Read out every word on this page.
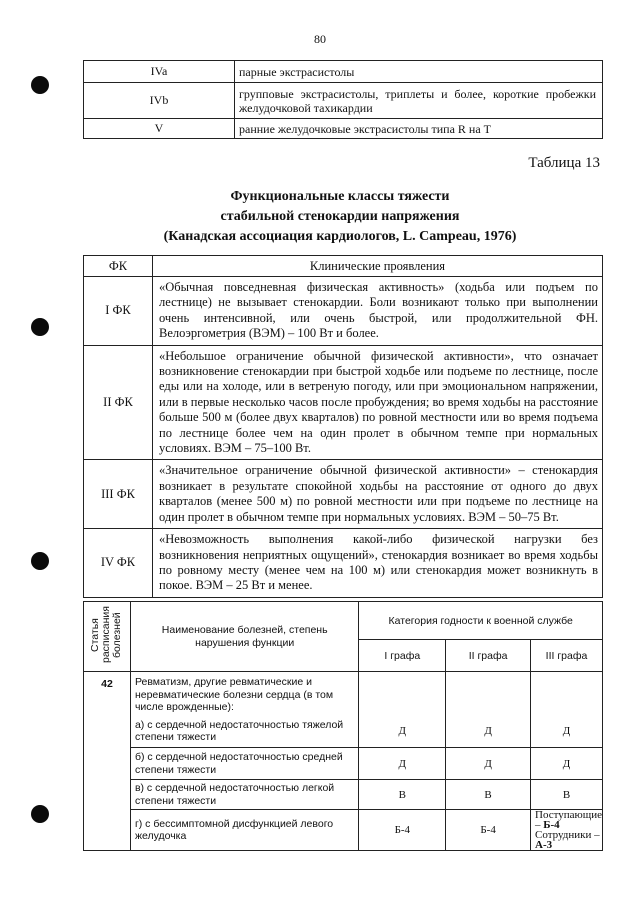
80
IVa	парные экстрасистолы
IVb	групповые экстрасистолы, триплеты и более, короткие пробежки желудочковой тахикардии
V	ранние желудочковые экстрасистолы типа R на T
Таблица 13
Функциональные классы тяжести
стабильной стенокардии напряжения
(Канадская ассоциация кардиологов, L. Campeau, 1976)
ФК	Клинические проявления
I ФК	«Обычная повседневная физическая активность» (ходьба или подъем по лестнице) не вызывает стенокардии. Боли возникают только при выполнении очень интенсивной, или очень быстрой, или продолжительной ФН. Велоэргометрия (ВЭМ) – 100 Вт и более.
II ФК	«Небольшое ограничение обычной физической активности», что означает возникновение стенокардии при быстрой ходьбе или подъеме по лестнице, после еды или на холоде, или в ветреную погоду, или при эмоциональном напряжении, или в первые несколько часов после пробуждения; во время ходьбы на расстояние больше 500 м (более двух кварталов) по ровной местности или во время подъема по лестнице более чем на один пролет в обычном темпе при нормальных условиях. ВЭМ – 75–100 Вт.
III ФК	«Значительное ограничение обычной физической активности» – стенокардия возникает в результате спокойной ходьбы на расстояние от одного до двух кварталов (менее 500 м) по ровной местности или при подъеме по лестнице на один пролет в обычном темпе при нормальных условиях. ВЭМ – 50–75 Вт.
IV ФК	«Невозможность выполнения какой-либо физической нагрузки без возникновения неприятных ощущений», стенокардия возникает во время ходьбы по ровному месту (менее чем на 100 м) или стенокардия может возникнуть в покое. ВЭМ – 25 Вт и менее.
Статья расписания болезней	Наименование болезней, степень нарушения функции	Категория годности к военной службе		
		I графа	II графа	III графа
42	Ревматизм, другие ревматические и неревматические болезни сердца (в том числе врожденные):			
	а) с сердечной недостаточностью тяжелой степени тяжести	Д	Д	Д
	б) с сердечной недостаточностью средней степени тяжести	Д	Д	Д
	в) с сердечной недостаточностью легкой степени тяжести	В	В	В
	г) с бессимптомной дисфункцией левого желудочка	Б-4	Б-4	Поступающие – Б-4
Сотрудники – А-3
